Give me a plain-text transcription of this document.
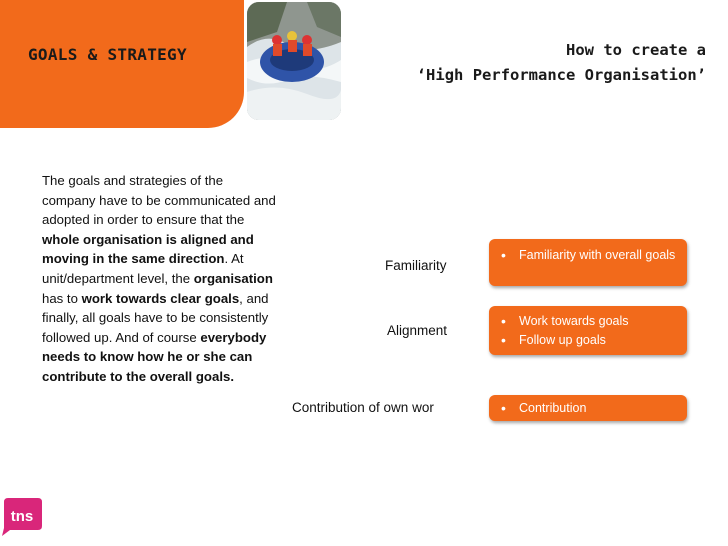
GOALS & STRATEGY	How to create a
‘High Performance Organisation’
The goals and strategies of the company have to be communicated and adopted in order to ensure that the whole organisation is aligned and moving in the same direction. At unit/department level, the organisation has to work towards clear goals, and finally, all goals have to be consistently followed up. And of course everybody needs to know how he or she can contribute to the overall goals.
Familiarity
Alignment
Contribution of own wor
• Familiarity with overall goals
• Work towards goals
• Follow up goals
• Contribution
tns
